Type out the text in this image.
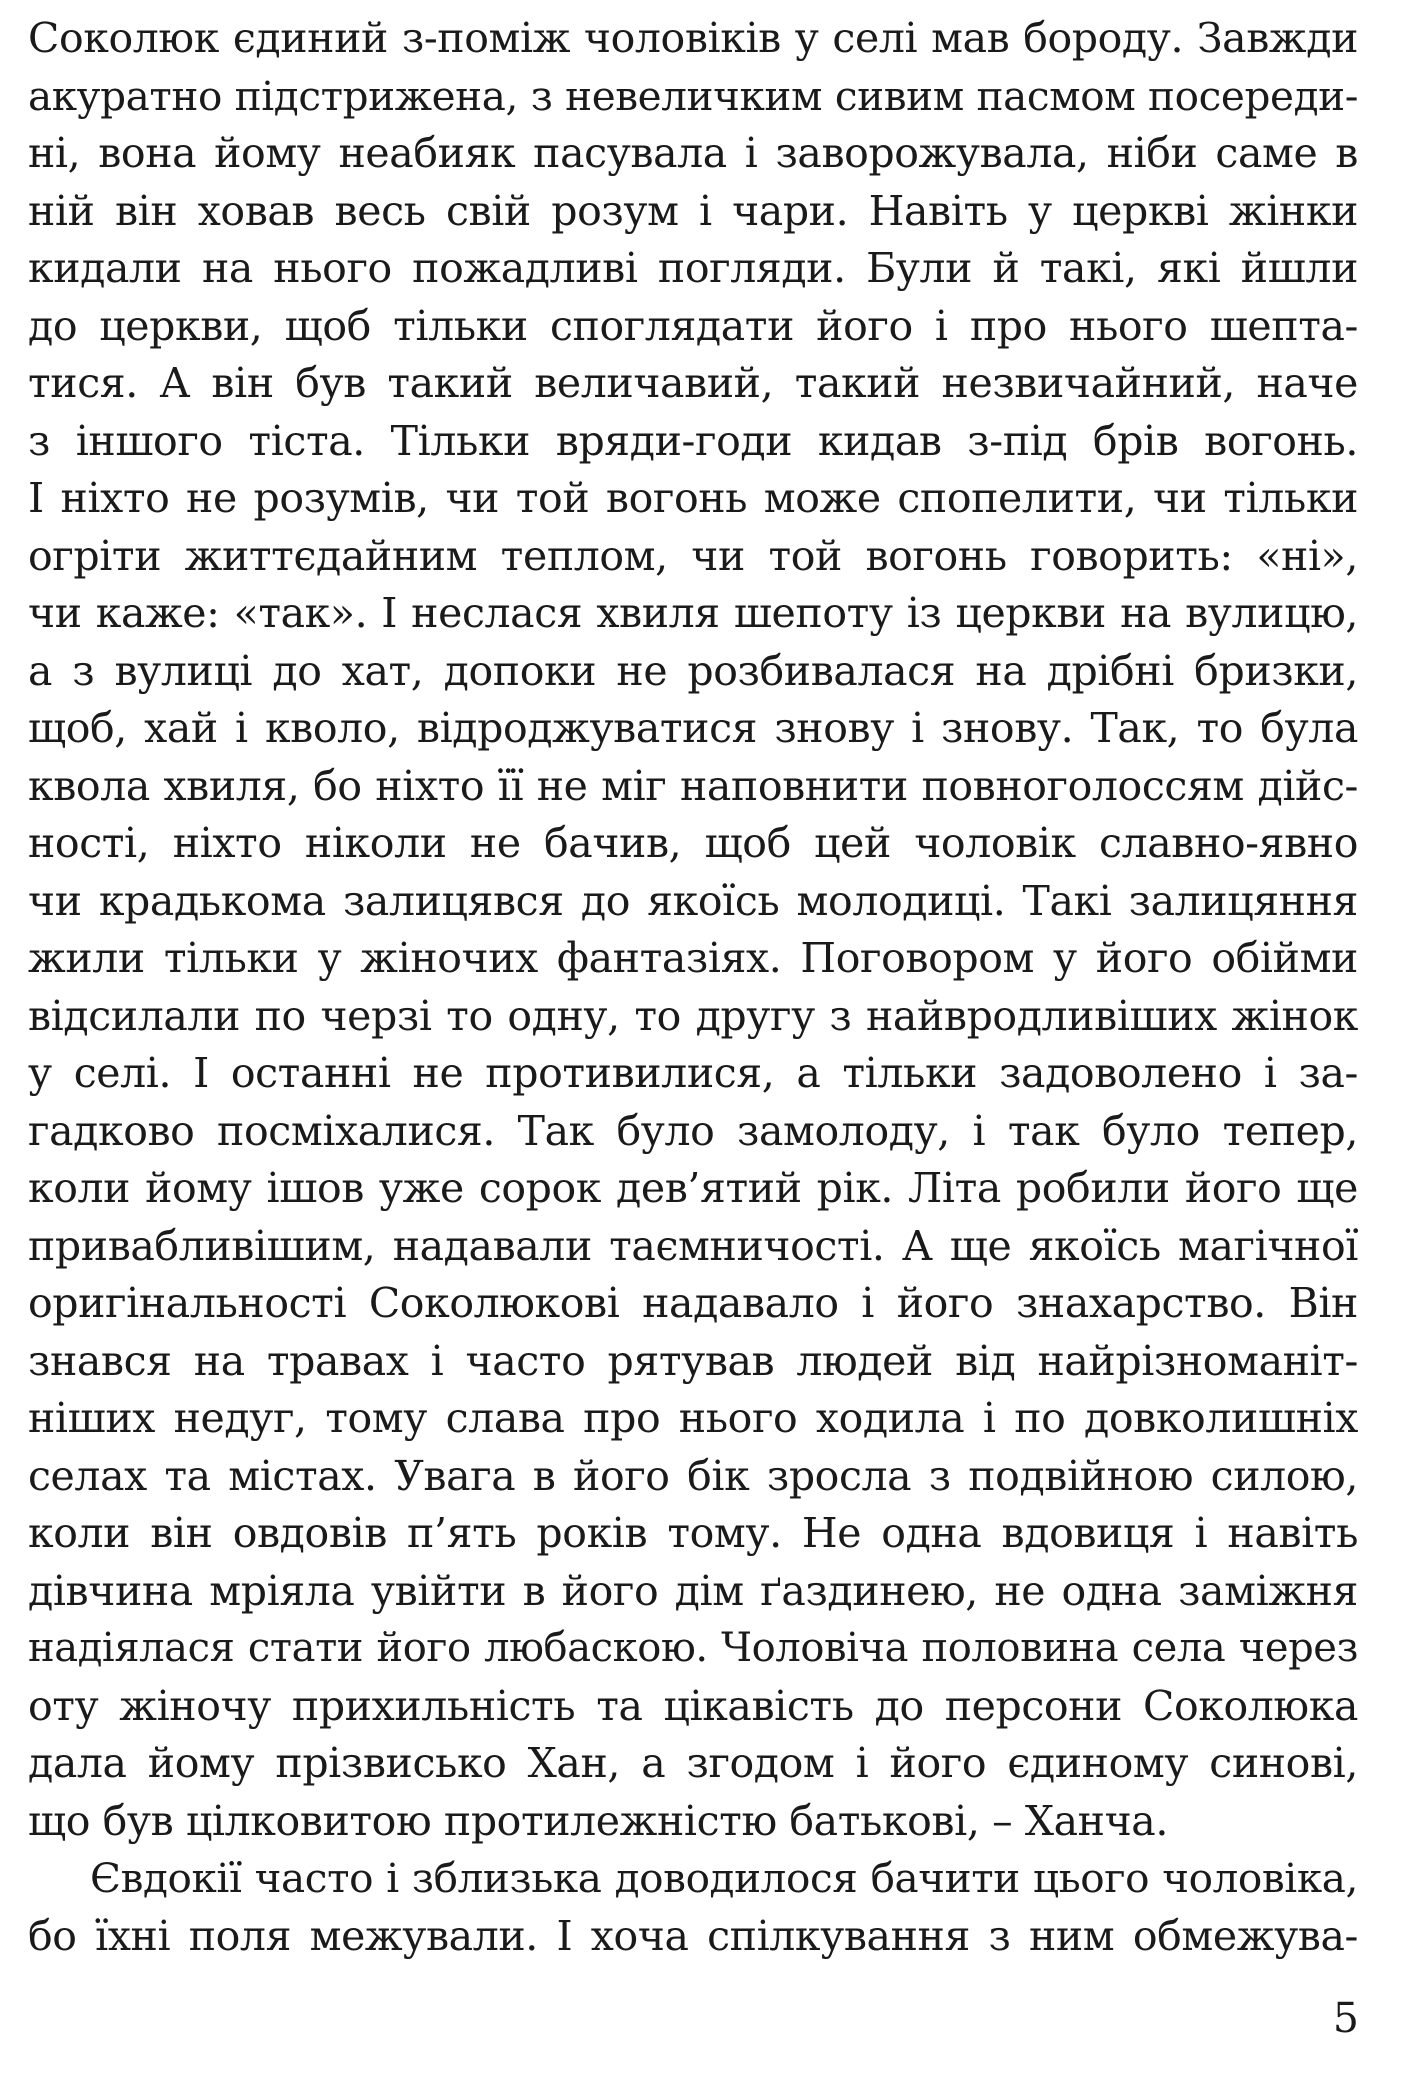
Соколюк єдиний з-поміж чоловіків у селі мав бороду. Завжди
акуратно підстрижена, з невеличким сивим пасмом посереди-
ні, вона йому неабияк пасувала і заворожувала, ніби саме в
ній він ховав весь свій розум і чари. Навіть у церкві жінки
кидали на нього пожадливі погляди. Були й такі, які йшли
до церкви, щоб тільки споглядати його і про нього шепта-
тися. А він був такий величавий, такий незвичайний, наче
з іншого тіста. Тільки вряди-годи кидав з-під брів вогонь.
І ніхто не розумів, чи той вогонь може спопелити, чи тільки
огріти життєдайним теплом, чи той вогонь говорить: «ні»,
чи каже: «так». І неслася хвиля шепоту із церкви на вулицю,
а з вулиці до хат, допоки не розбивалася на дрібні бризки,
щоб, хай і кволо, відроджуватися знову і знову. Так, то була
квола хвиля, бо ніхто її не міг наповнити повноголоссям дійс-
ності, ніхто ніколи не бачив, щоб цей чоловік славно-явно
чи крадькома залицявся до якоїсь молодиці. Такі залицяння
жили тільки у жіночих фантазіях. Поговором у його обійми
відсилали по черзі то одну, то другу з найвродливіших жінок
у селі. І останні не противилися, а тільки задоволено і за-
гадково посміхалися. Так було замолоду, і так було тепер,
коли йому ішов уже сорок дев’ятий рік. Літа робили його ще
привабливішим, надавали таємничості. А ще якоїсь магічної
оригінальності Соколюкові надавало і його знахарство. Він
знався на травах і часто рятував людей від найрізноманіт-
ніших недуг, тому слава про нього ходила і по довколишніх
селах та містах. Увага в його бік зросла з подвійною силою,
коли він овдовів п’ять років тому. Не одна вдовиця і навіть
дівчина мріяла увійти в його дім ґаздинею, не одна заміжня
надіялася стати його любаскою. Чоловіча половина села через
оту жіночу прихильність та цікавість до персони Соколюка
дала йому прізвисько Хан, а згодом і його єдиному синові,
що був цілковитою протилежністю батькові, – Ханча.
Євдокії часто і зблизька доводилося бачити цього чоловіка,
бо їхні поля межували. І хоча спілкування з ним обмежува-
5
